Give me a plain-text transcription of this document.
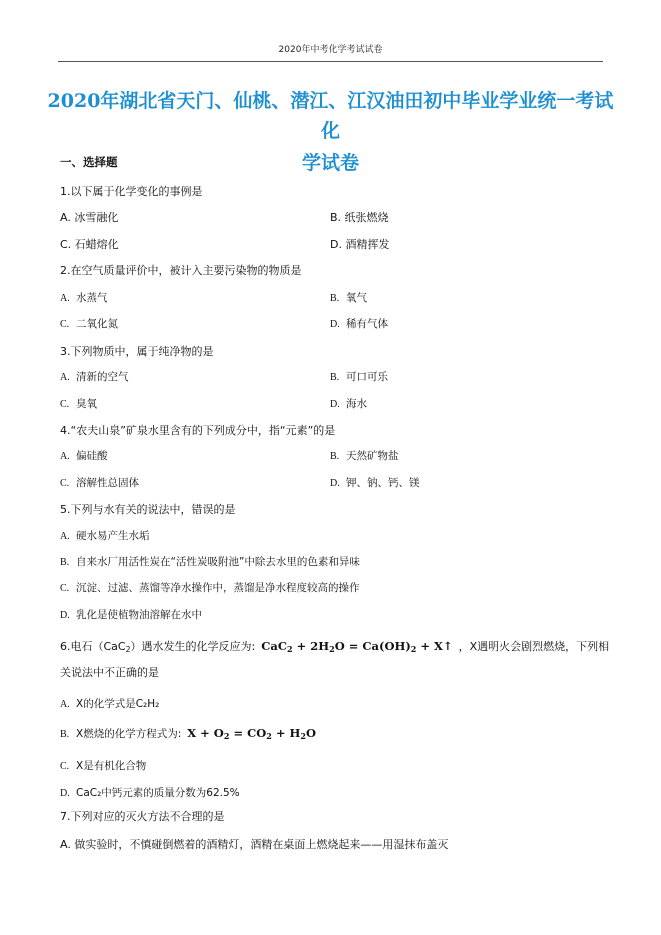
2020年中考化学考试试卷
2020年湖北省天门、仙桃、潜江、江汉油田初中毕业学业统一考试化
学试卷
一、选择题
1.以下属于化学变化的事例是
A. 冰雪融化	B. 纸张燃烧
C. 石蜡熔化	D. 酒精挥发
2.在空气质量评价中，被计入主要污染物的物质是
A. 水蒸气	B. 氧气
C. 二氧化氮	D. 稀有气体
3.下列物质中，属于纯净物的是
A. 清新的空气	B. 可口可乐
C. 臭氧	D. 海水
4.“农夫山泉”矿泉水里含有的下列成分中，指“元素”的是
A. 偏硅酸	B. 天然矿物盐
C. 溶解性总固体	D. 钾、钠、钙、镁
5.下列与水有关的说法中，错误的是
A. 硬水易产生水垢
B. 自来水厂用活性炭在“活性炭吸附池”中除去水里的色素和异味
C. 沉淀、过滤、蒸馏等净水操作中，蒸馏是净水程度较高的操作
D. 乳化是使植物油溶解在水中
6.电石（CaC$_2$）遇水发生的化学反应为: $CaC_2 + 2H_2O = Ca(OH)_2$ + X↑ ，X遇明火会剧烈燃烧，下列相
关说法中不正确的是
A. X的化学式是C₂H₂
B. X燃烧的化学方程式为: $X + O_2 = CO_2 + H_2O$
C. X是有机化合物
D. CaC₂中钙元素的质量分数为62.5%
7.下列对应的灭火方法不合理的是
A. 做实验时，不慎碰倒燃着的酒精灯，酒精在桌面上燃烧起来——用湿抹布盖灭
